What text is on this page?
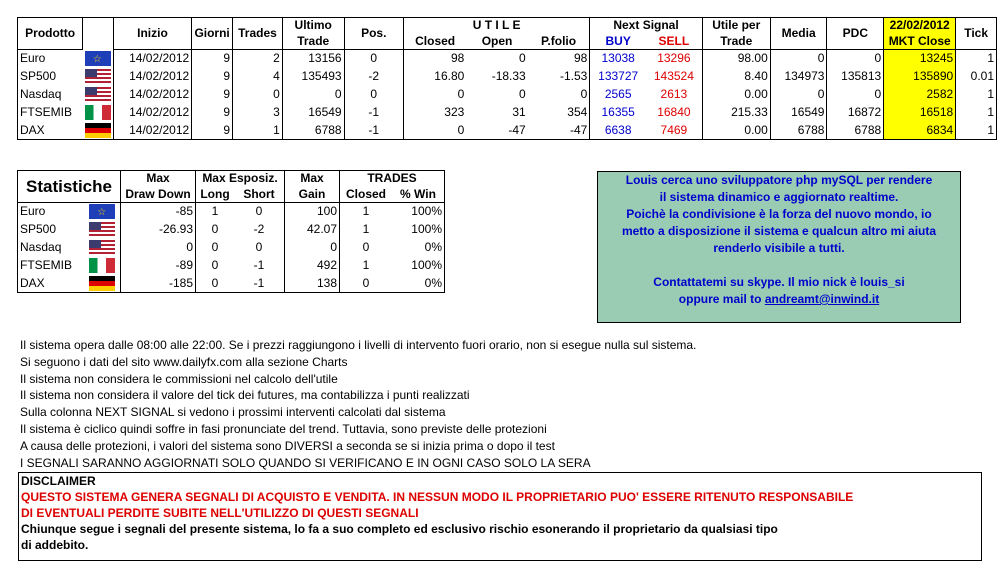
Prodotto		Inizio	Giorni	Trades	Ultimo	Pos.	U T I L E			Next Signal		Utile per	Media	PDC	22/02/2012	Tick
					Trade		Closed	Open	P.folio	BUY	SELL	Trade			MKT Close	
Euro	☆	14/02/2012	9	2	13156	0	98	0	98	13038	13296	98.00	0	0	13245	1
SP500		14/02/2012	9	4	135493	-2	16.80	-18.33	-1.53	133727	143524	8.40	134973	135813	135890	0.01
Nasdaq		14/02/2012	9	0	0	0	0	0	0	2565	2613	0.00	0	0	2582	1
FTSEMIB		14/02/2012	9	3	16549	-1	323	31	354	16355	16840	215.33	16549	16872	16518	1
DAX		14/02/2012	9	1	6788	-1	0	-47	-47	6638	7469	0.00	6788	6788	6834	1
Statistiche		Max	Max Esposiz.		Max	TRADES	
		Draw Down	Long	Short	Gain	Closed	% Win
Euro	☆	-85	1	0	100	1	100%
SP500		-26.93	0	-2	42.07	1	100%
Nasdaq		0	0	0	0	0	0%
FTSEMIB		-89	0	-1	492	1	100%
DAX		-185	0	-1	138	0	0%

Louis cerca uno sviluppatore php mySQL per rendere

il sistema dinamico e aggiornato realtime.

Poichè la condivisione è la forza del nuovo mondo, io

metto a disposizione il sistema e qualcun altro mi aiuta

renderlo visibile a tutti.

Contattatemi su skype. Il mio nick è louis_si

oppure mail to andreamt@inwind.it

Il sistema opera dalle 08:00 alle 22:00. Se i prezzi raggiungono i livelli di intervento fuori orario, non si esegue nulla sul sistema.
Si seguono i dati del sito www.dailyfx.com alla sezione Charts
Il sistema non considera le commissioni nel calcolo dell'utile
Il sistema non considera il valore del tick dei futures, ma contabilizza i punti realizzati
Sulla colonna NEXT SIGNAL si vedono i prossimi interventi calcolati dal sistema
Il sistema è ciclico quindi soffre in fasi pronunciate del trend. Tuttavia, sono previste delle protezioni
A causa delle protezioni, i valori del sistema sono DIVERSI a seconda se si inizia prima o dopo il test
I SEGNALI SARANNO AGGIORNATI SOLO QUANDO SI VERIFICANO E IN OGNI CASO SOLO LA SERA
DISCLAIMER
QUESTO SISTEMA GENERA SEGNALI DI ACQUISTO E VENDITA. IN NESSUN MODO IL PROPRIETARIO PUO' ESSERE RITENUTO RESPONSABILE
DI EVENTUALI PERDITE SUBITE NELL'UTILIZZO DI QUESTI SEGNALI
Chiunque segue i segnali del presente sistema, lo fa a suo completo ed esclusivo rischio esonerando il proprietario da qualsiasi tipo
di addebito.
